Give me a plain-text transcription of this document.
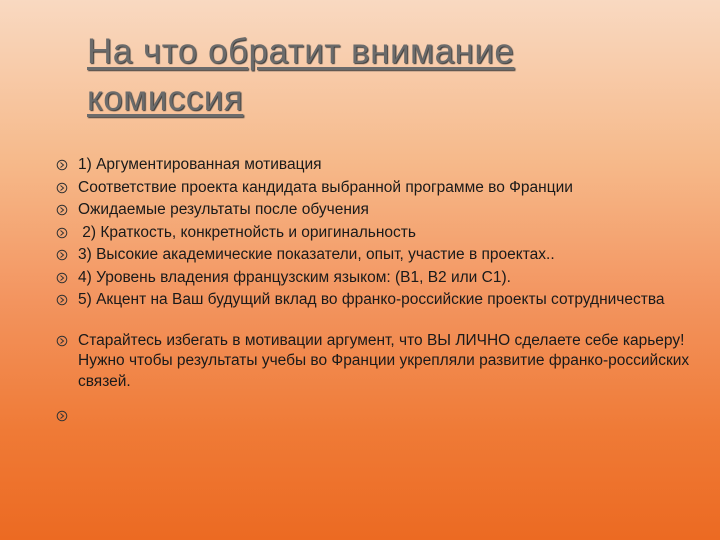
На что обратит внимание комиссия
1) Аргументированная мотивация
Соответствие проекта кандидата выбранной программе во Франции
Ожидаемые результаты после обучения
2) Краткость, конкретнойсть и оригинальность
3) Высокие академические показатели, опыт, участие в проектах..
4) Уровень владения французским языком: (В1, В2 или С1).
5) Акцент на Ваш будущий вклад во франко-российские проекты сотрудничества
Старайтесь избегать в мотивации аргумент, что ВЫ ЛИЧНО сделаете себе карьеру! Нужно чтобы результаты учебы во Франции укрепляли развитие франко-российских связей.
